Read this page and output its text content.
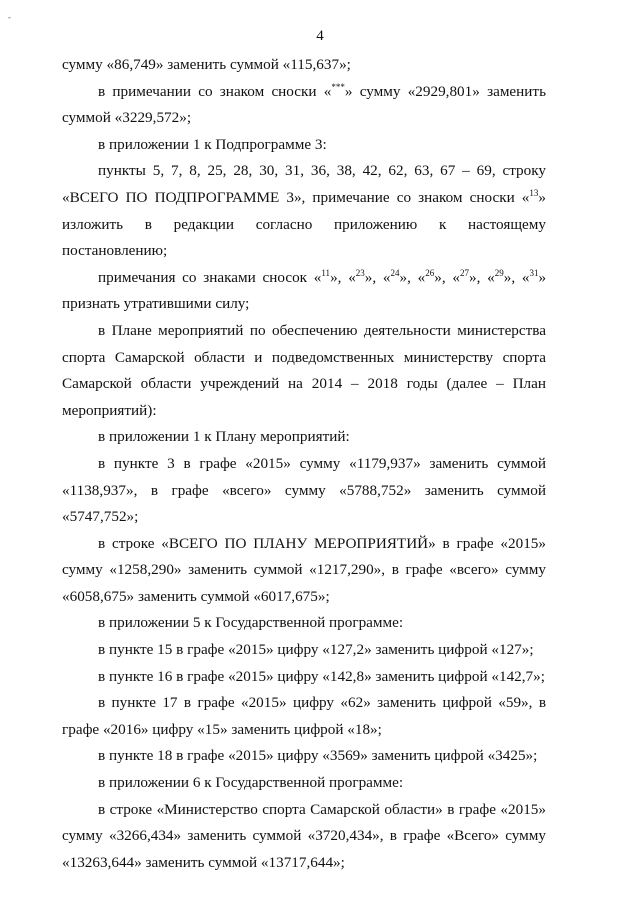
-
4

сумму «86,749» заменить суммой «115,637»;

в примечании со знаком сноски «***» сумму «2929,801» заменить суммой «3229,572»;

в приложении 1 к Подпрограмме 3:

пункты 5, 7, 8, 25, 28, 30, 31, 36, 38, 42, 62, 63, 67 – 69, строку «ВСЕГО ПО ПОДПРОГРАММЕ 3», примечание со знаком сноски «$^{13}$» изложить в редакции согласно приложению к настоящему постановлению;

примечания со знаками сносок «$^{11}$», «$^{23}$», «$^{24}$», «$^{26}$», «$^{27}$», «$^{29}$», «$^{31}$» признать утратившими силу;

в Плане мероприятий по обеспечению деятельности министерства спорта Самарской области и подведомственных министерству спорта Самарской области учреждений на 2014 – 2018 годы (далее – План мероприятий):

в приложении 1 к Плану мероприятий:

в пункте 3 в графе «2015» сумму «1179,937» заменить суммой «1138,937», в графе «всего» сумму «5788,752» заменить суммой «5747,752»;

в строке «ВСЕГО ПО ПЛАНУ МЕРОПРИЯТИЙ» в графе «2015» сумму «1258,290» заменить суммой «1217,290», в графе «всего» сумму «6058,675» заменить суммой «6017,675»;

в приложении 5 к Государственной программе:

в пункте 15 в графе «2015» цифру «127,2» заменить цифрой «127»;

в пункте 16 в графе «2015» цифру «142,8» заменить цифрой «142,7»;

в пункте 17 в графе «2015» цифру «62» заменить цифрой «59», в графе «2016» цифру «15» заменить цифрой «18»;

в пункте 18 в графе «2015» цифру «3569» заменить цифрой «3425»;

в приложении 6 к Государственной программе:

в строке «Министерство спорта Самарской области» в графе «2015» сумму «3266,434» заменить суммой «3720,434», в графе «Всего» сумму «13263,644» заменить суммой «13717,644»;
